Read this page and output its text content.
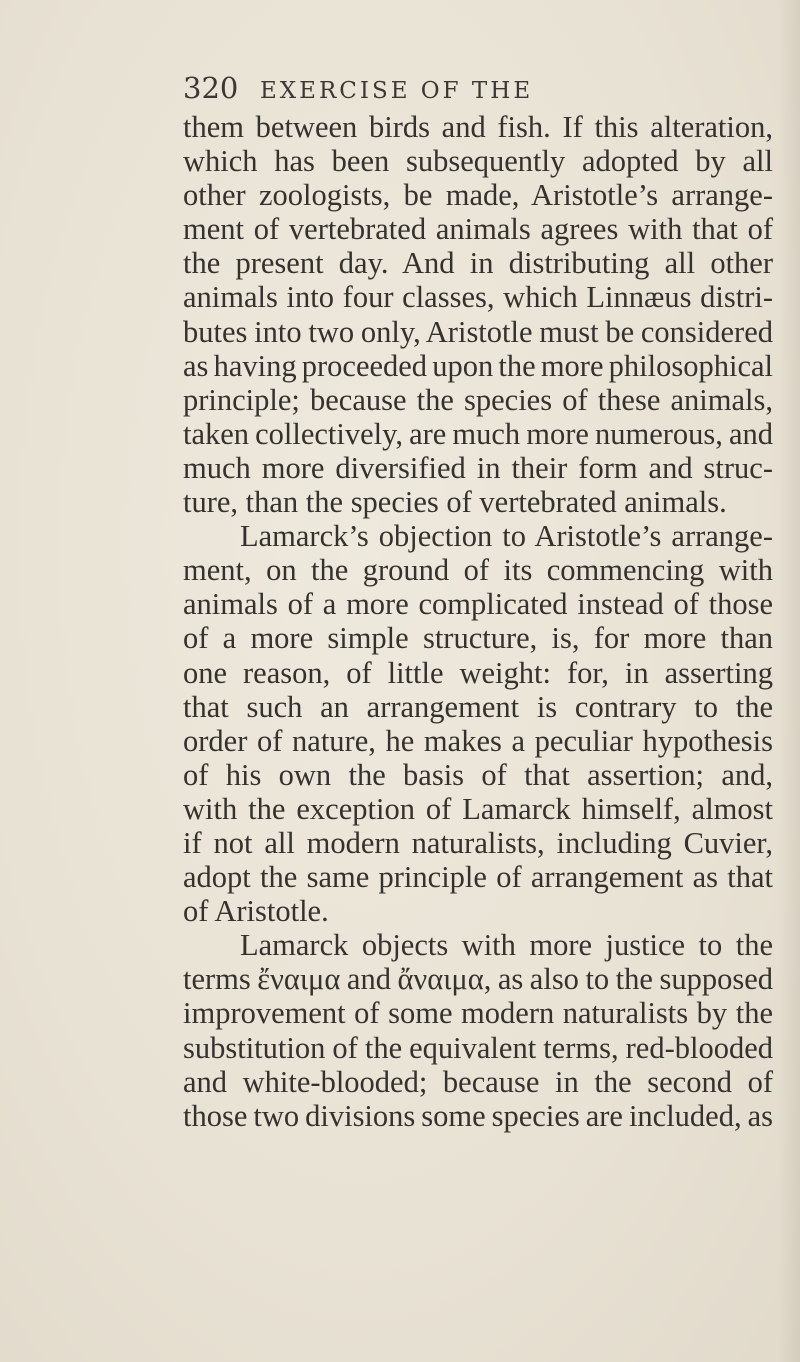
320 EXERCISE OF THE
them between birds and fish. If this alteration,
which has been subsequently adopted by all
other zoologists, be made, Aristotle’s arrange-
ment of vertebrated animals agrees with that of
the present day. And in distributing all other
animals into four classes, which Linnæus distri-
butes into two only, Aristotle must be considered
as having proceeded upon the more philosophical
principle; because the species of these animals,
taken collectively, are much more numerous, and
much more diversified in their form and struc-
ture, than the species of vertebrated animals.
Lamarck’s objection to Aristotle’s arrange-
ment, on the ground of its commencing with
animals of a more complicated instead of those
of a more simple structure, is, for more than
one reason, of little weight: for, in asserting
that such an arrangement is contrary to the
order of nature, he makes a peculiar hypothesis
of his own the basis of that assertion; and,
with the exception of Lamarck himself, almost
if not all modern naturalists, including Cuvier,
adopt the same principle of arrangement as that
of Aristotle.
Lamarck objects with more justice to the
terms ἔναιμα and ἄναιμα, as also to the supposed
improvement of some modern naturalists by the
substitution of the equivalent terms, red-blooded
and white-blooded; because in the second of
those two divisions some species are included, as
